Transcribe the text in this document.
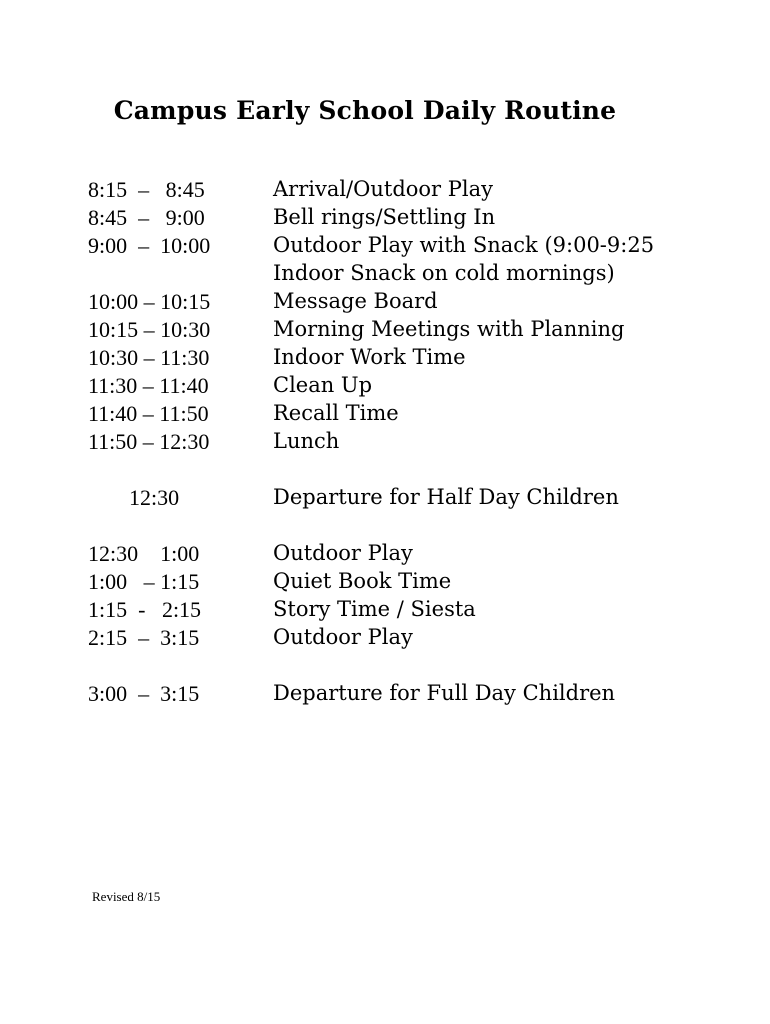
Campus Early School Daily Routine
8:15  –   8:45	Arrival/Outdoor Play
8:45  –   9:00	Bell rings/Settling In
9:00  –  10:00	Outdoor Play with Snack (9:00-9:25
Indoor Snack on cold mornings)
10:00 – 10:15	Message Board
10:15 – 10:30	Morning Meetings with Planning
10:30 – 11:30	Indoor Work Time
11:30 – 11:40	Clean Up
11:40 – 11:50	Recall Time
11:50 – 12:30	Lunch
12:30	Departure for Half Day Children
12:30    1:00	Outdoor Play
1:00   – 1:15	Quiet Book Time
1:15  -   2:15	Story Time / Siesta
2:15  –  3:15	Outdoor Play
3:00  –  3:15	Departure for Full Day Children
Revised 8/15
